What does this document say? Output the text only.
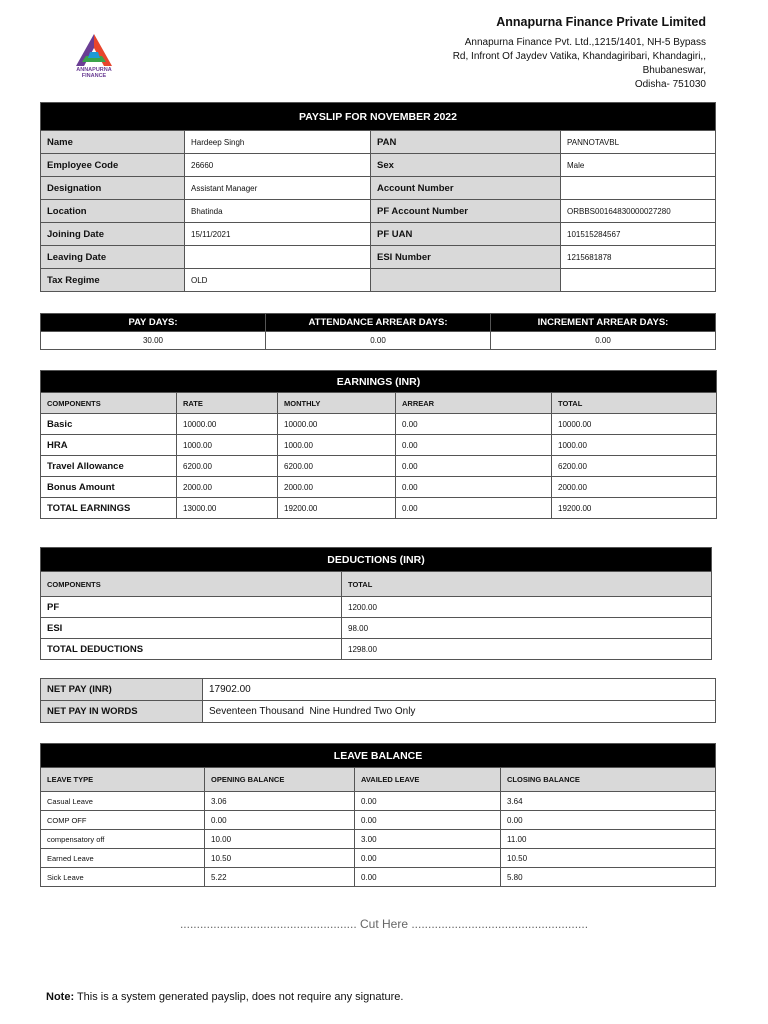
Annapurna Finance Private Limited
Annapurna Finance Pvt. Ltd.,1215/1401, NH-5 Bypass
Rd, Infront Of Jaydev Vatika, Khandagiribari, Khandagiri,,
Bhubaneswar,
Odisha- 751030
ANNAPURNA
FINANCE
PAYSLIP FOR NOVEMBER 2022			
Name	Hardeep Singh	PAN	PANNOTAVBL
Employee Code	26660	Sex	Male
Designation	Assistant Manager	Account Number	
Location	Bhatinda	PF Account Number	ORBBS00164830000027280
Joining Date	15/11/2021	PF UAN	101515284567
Leaving Date		ESI Number	1215681878
Tax Regime	OLD		
PAY DAYS:	ATTENDANCE ARREAR DAYS:	INCREMENT ARREAR DAYS:
30.00	0.00	0.00
EARNINGS (INR)				
COMPONENTS	RATE	MONTHLY	ARREAR	TOTAL
Basic	10000.00	10000.00	0.00	10000.00
HRA	1000.00	1000.00	0.00	1000.00
Travel Allowance	6200.00	6200.00	0.00	6200.00
Bonus Amount	2000.00	2000.00	0.00	2000.00
TOTAL EARNINGS	13000.00	19200.00	0.00	19200.00
DEDUCTIONS (INR)	
COMPONENTS	TOTAL
PF	1200.00
ESI	98.00
TOTAL DEDUCTIONS	1298.00
NET PAY (INR)	17902.00
NET PAY IN WORDS	Seventeen Thousand  Nine Hundred Two Only
LEAVE BALANCE			
LEAVE TYPE	OPENING BALANCE	AVAILED LEAVE	CLOSING BALANCE
Casual Leave	3.06	0.00	3.64
COMP OFF	0.00	0.00	0.00
compensatory off	10.00	3.00	11.00
Earned Leave	10.50	0.00	10.50
Sick Leave	5.22	0.00	5.80
..................................................... Cut Here .....................................................
Note: This is a system generated payslip, does not require any signature.
